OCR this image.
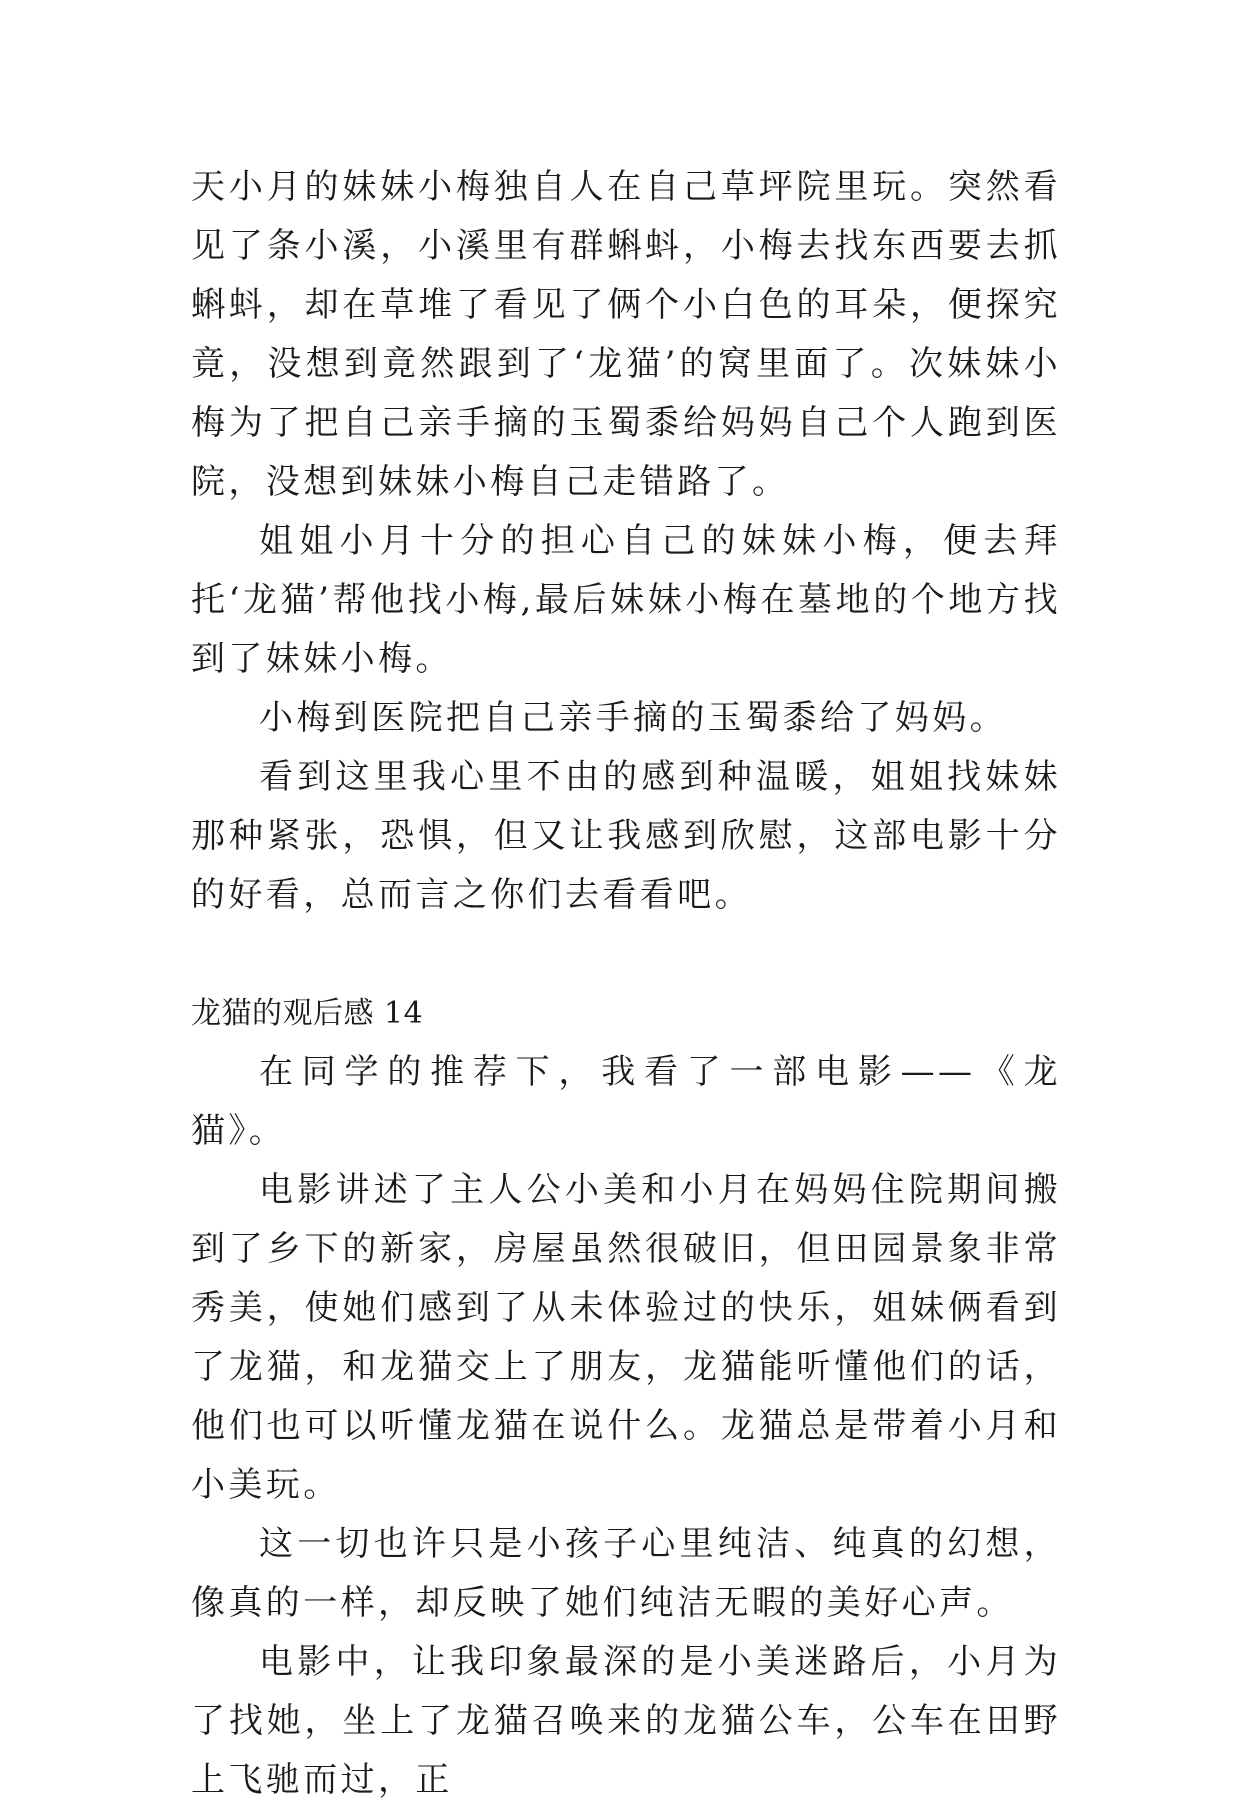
天小月的妹妹小梅独自人在自己草坪院里玩。突然看见了条小溪，小溪里有群蝌蚪，小梅去找东西要去抓蝌蚪，却在草堆了看见了俩个小白色的耳朵，便探究竟，没想到竟然跟到了‘龙猫’的窝里面了。次妹妹小梅为了把自己亲手摘的玉蜀黍给妈妈自己个人跑到医院，没想到妹妹小梅自己走错路了。

姐姐小月十分的担心自己的妹妹小梅，便去拜托‘龙猫’帮他找小梅,最后妹妹小梅在墓地的个地方找到了妹妹小梅。

小梅到医院把自己亲手摘的玉蜀黍给了妈妈。

看到这里我心里不由的感到种温暖，姐姐找妹妹那种紧张，恐惧，但又让我感到欣慰，这部电影十分的好看，总而言之你们去看看吧。

龙猫的观后感 14

在同学的推荐下，我看了一部电影——《龙猫》。

电影讲述了主人公小美和小月在妈妈住院期间搬到了乡下的新家，房屋虽然很破旧，但田园景象非常秀美，使她们感到了从未体验过的快乐，姐妹俩看到了龙猫，和龙猫交上了朋友，龙猫能听懂他们的话，他们也可以听懂龙猫在说什么。龙猫总是带着小月和小美玩。

这一切也许只是小孩子心里纯洁、纯真的幻想，像真的一样，却反映了她们纯洁无暇的美好心声。

电影中，让我印象最深的是小美迷路后，小月为了找她，坐上了龙猫召唤来的龙猫公车，公车在田野上飞驰而过，正
